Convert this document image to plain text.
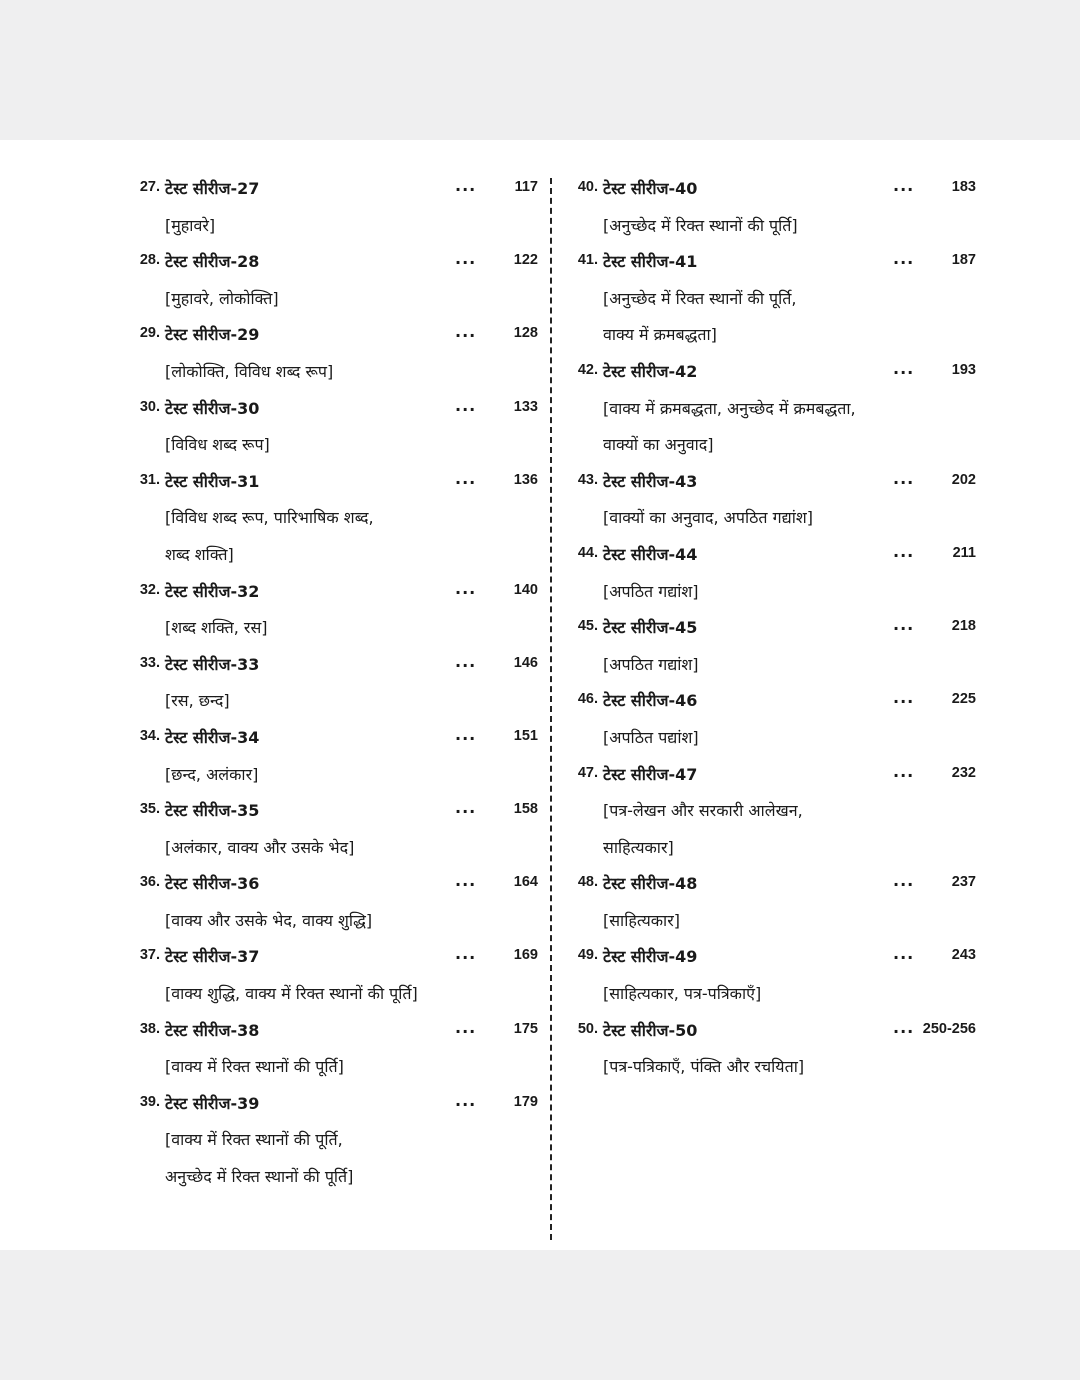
27. टेस्ट सीरीज-27	...	117
[मुहावरे]
28. टेस्ट सीरीज-28	...	122
[मुहावरे, लोकोक्ति]
29. टेस्ट सीरीज-29	...	128
[लोकोक्ति, विविध शब्द रूप]
30. टेस्ट सीरीज-30	...	133
[विविध शब्द रूप]
31. टेस्ट सीरीज-31	...	136
[विविध शब्द रूप, पारिभाषिक शब्द,
शब्द शक्ति]
32. टेस्ट सीरीज-32	...	140
[शब्द शक्ति, रस]
33. टेस्ट सीरीज-33	...	146
[रस, छन्द]
34. टेस्ट सीरीज-34	...	151
[छन्द, अलंकार]
35. टेस्ट सीरीज-35	...	158
[अलंकार, वाक्य और उसके भेद]
36. टेस्ट सीरीज-36	...	164
[वाक्य और उसके भेद, वाक्य शुद्धि]
37. टेस्ट सीरीज-37	...	169
[वाक्य शुद्धि, वाक्य में रिक्त स्थानों की पूर्ति]
38. टेस्ट सीरीज-38	...	175
[वाक्य में रिक्त स्थानों की पूर्ति]
39. टेस्ट सीरीज-39	...	179
[वाक्य में रिक्त स्थानों की पूर्ति,
अनुच्छेद में रिक्त स्थानों की पूर्ति]
40. टेस्ट सीरीज-40	...	183
[अनुच्छेद में रिक्त स्थानों की पूर्ति]
41. टेस्ट सीरीज-41	...	187
[अनुच्छेद में रिक्त स्थानों की पूर्ति,
वाक्य में क्रमबद्धता]
42. टेस्ट सीरीज-42	...	193
[वाक्य में क्रमबद्धता, अनुच्छेद में क्रमबद्धता,
वाक्यों का अनुवाद]
43. टेस्ट सीरीज-43	...	202
[वाक्यों का अनुवाद, अपठित गद्यांश]
44. टेस्ट सीरीज-44	...	211
[अपठित गद्यांश]
45. टेस्ट सीरीज-45	...	218
[अपठित गद्यांश]
46. टेस्ट सीरीज-46	...	225
[अपठित पद्यांश]
47. टेस्ट सीरीज-47	...	232
[पत्र-लेखन और सरकारी आलेखन,
साहित्यकार]
48. टेस्ट सीरीज-48	...	237
[साहित्यकार]
49. टेस्ट सीरीज-49	...	243
[साहित्यकार, पत्र-पत्रिकाएँ]
50. टेस्ट सीरीज-50	... 250-256
[पत्र-पत्रिकाएँ, पंक्ति और रचयिता]
